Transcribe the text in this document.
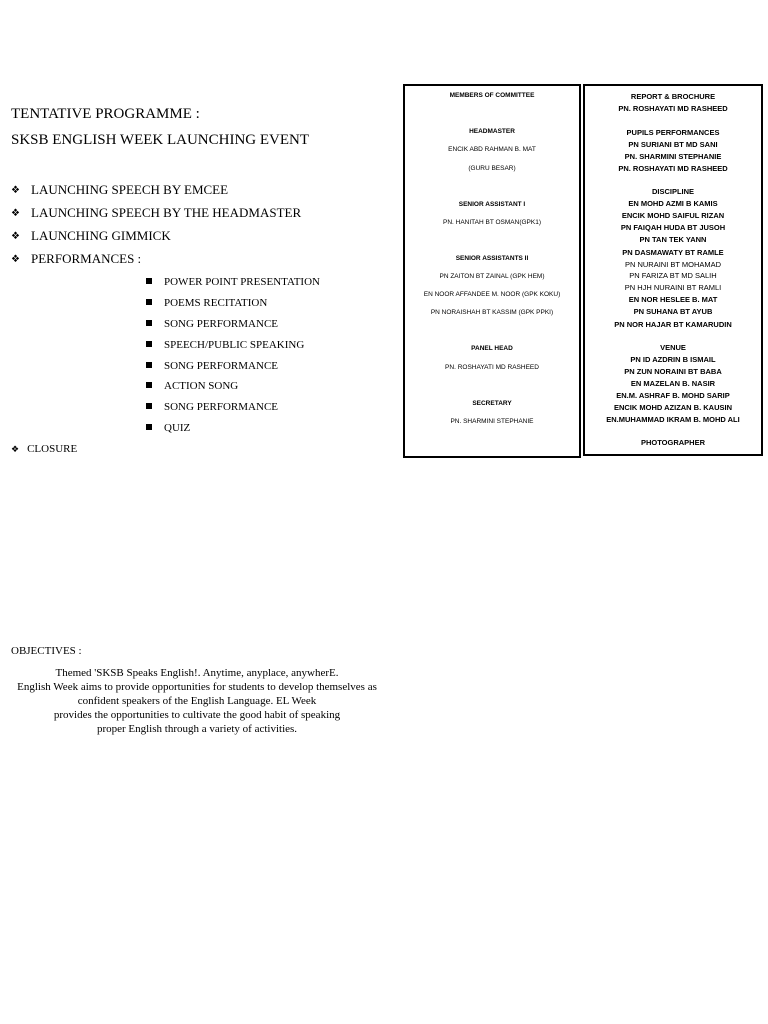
TENTATIVE PROGRAMME :
SKSB ENGLISH WEEK LAUNCHING EVENT
❖ LAUNCHING SPEECH BY EMCEE
❖ LAUNCHING SPEECH BY THE HEADMASTER
❖ LAUNCHING GIMMICK
❖ PERFORMANCES :
POWER POINT PRESENTATION
POEMS RECITATION
SONG PERFORMANCE
SPEECH/PUBLIC SPEAKING
SONG PERFORMANCE
ACTION SONG
SONG PERFORMANCE
QUIZ
❖ CLOSURE
MEMBERS OF COMMITTEE
HEADMASTER
ENCIK ABD RAHMAN B. MAT
(GURU BESAR)
SENIOR ASSISTANT I
PN. HANITAH BT OSMAN(GPK1)
SENIOR ASSISTANTS II
PN ZAITON BT ZAINAL (GPK HEM)
EN NOOR AFFANDEE M. NOOR (GPK KOKU)
PN NORAISHAH BT KASSIM (GPK PPKI)
PANEL HEAD
PN. ROSHAYATI MD RASHEED
SECRETARY
PN. SHARMINI STEPHANIE
REPORT & BROCHURE
PN. ROSHAYATI MD RASHEED
PUPILS PERFORMANCES
PN SURIANI BT MD SANI
PN. SHARMINI STEPHANIE
PN. ROSHAYATI MD RASHEED
DISCIPLINE
EN MOHD AZMI B KAMIS
ENCIK MOHD SAIFUL RIZAN
PN FAIQAH HUDA BT JUSOH
PN TAN TEK YANN
PN DASMAWATY BT RAMLE
PN NURAINI BT MOHAMAD
PN FARIZA BT MD SALIH
PN HJH NURAINI BT RAMLI
EN NOR HESLEE B. MAT
PN SUHANA BT AYUB
PN NOR HAJAR BT KAMARUDIN
VENUE
PN ID AZDRIN B ISMAIL
PN ZUN NORAINI BT BABA
EN MAZELAN B. NASIR
EN.M. ASHRAF B. MOHD SARIP
ENCIK MOHD AZIZAN B. KAUSIN
EN.MUHAMMAD IKRAM B. MOHD ALI
PHOTOGRAPHER
OBJECTIVES :
Themed 'SKSB Speaks English!. Anytime, anyplace, anywherE.
English Week aims to provide opportunities for students to develop themselves as
confident speakers of the English Language. EL Week
provides the opportunities to cultivate the good habit of speaking
proper English through a variety of activities.
